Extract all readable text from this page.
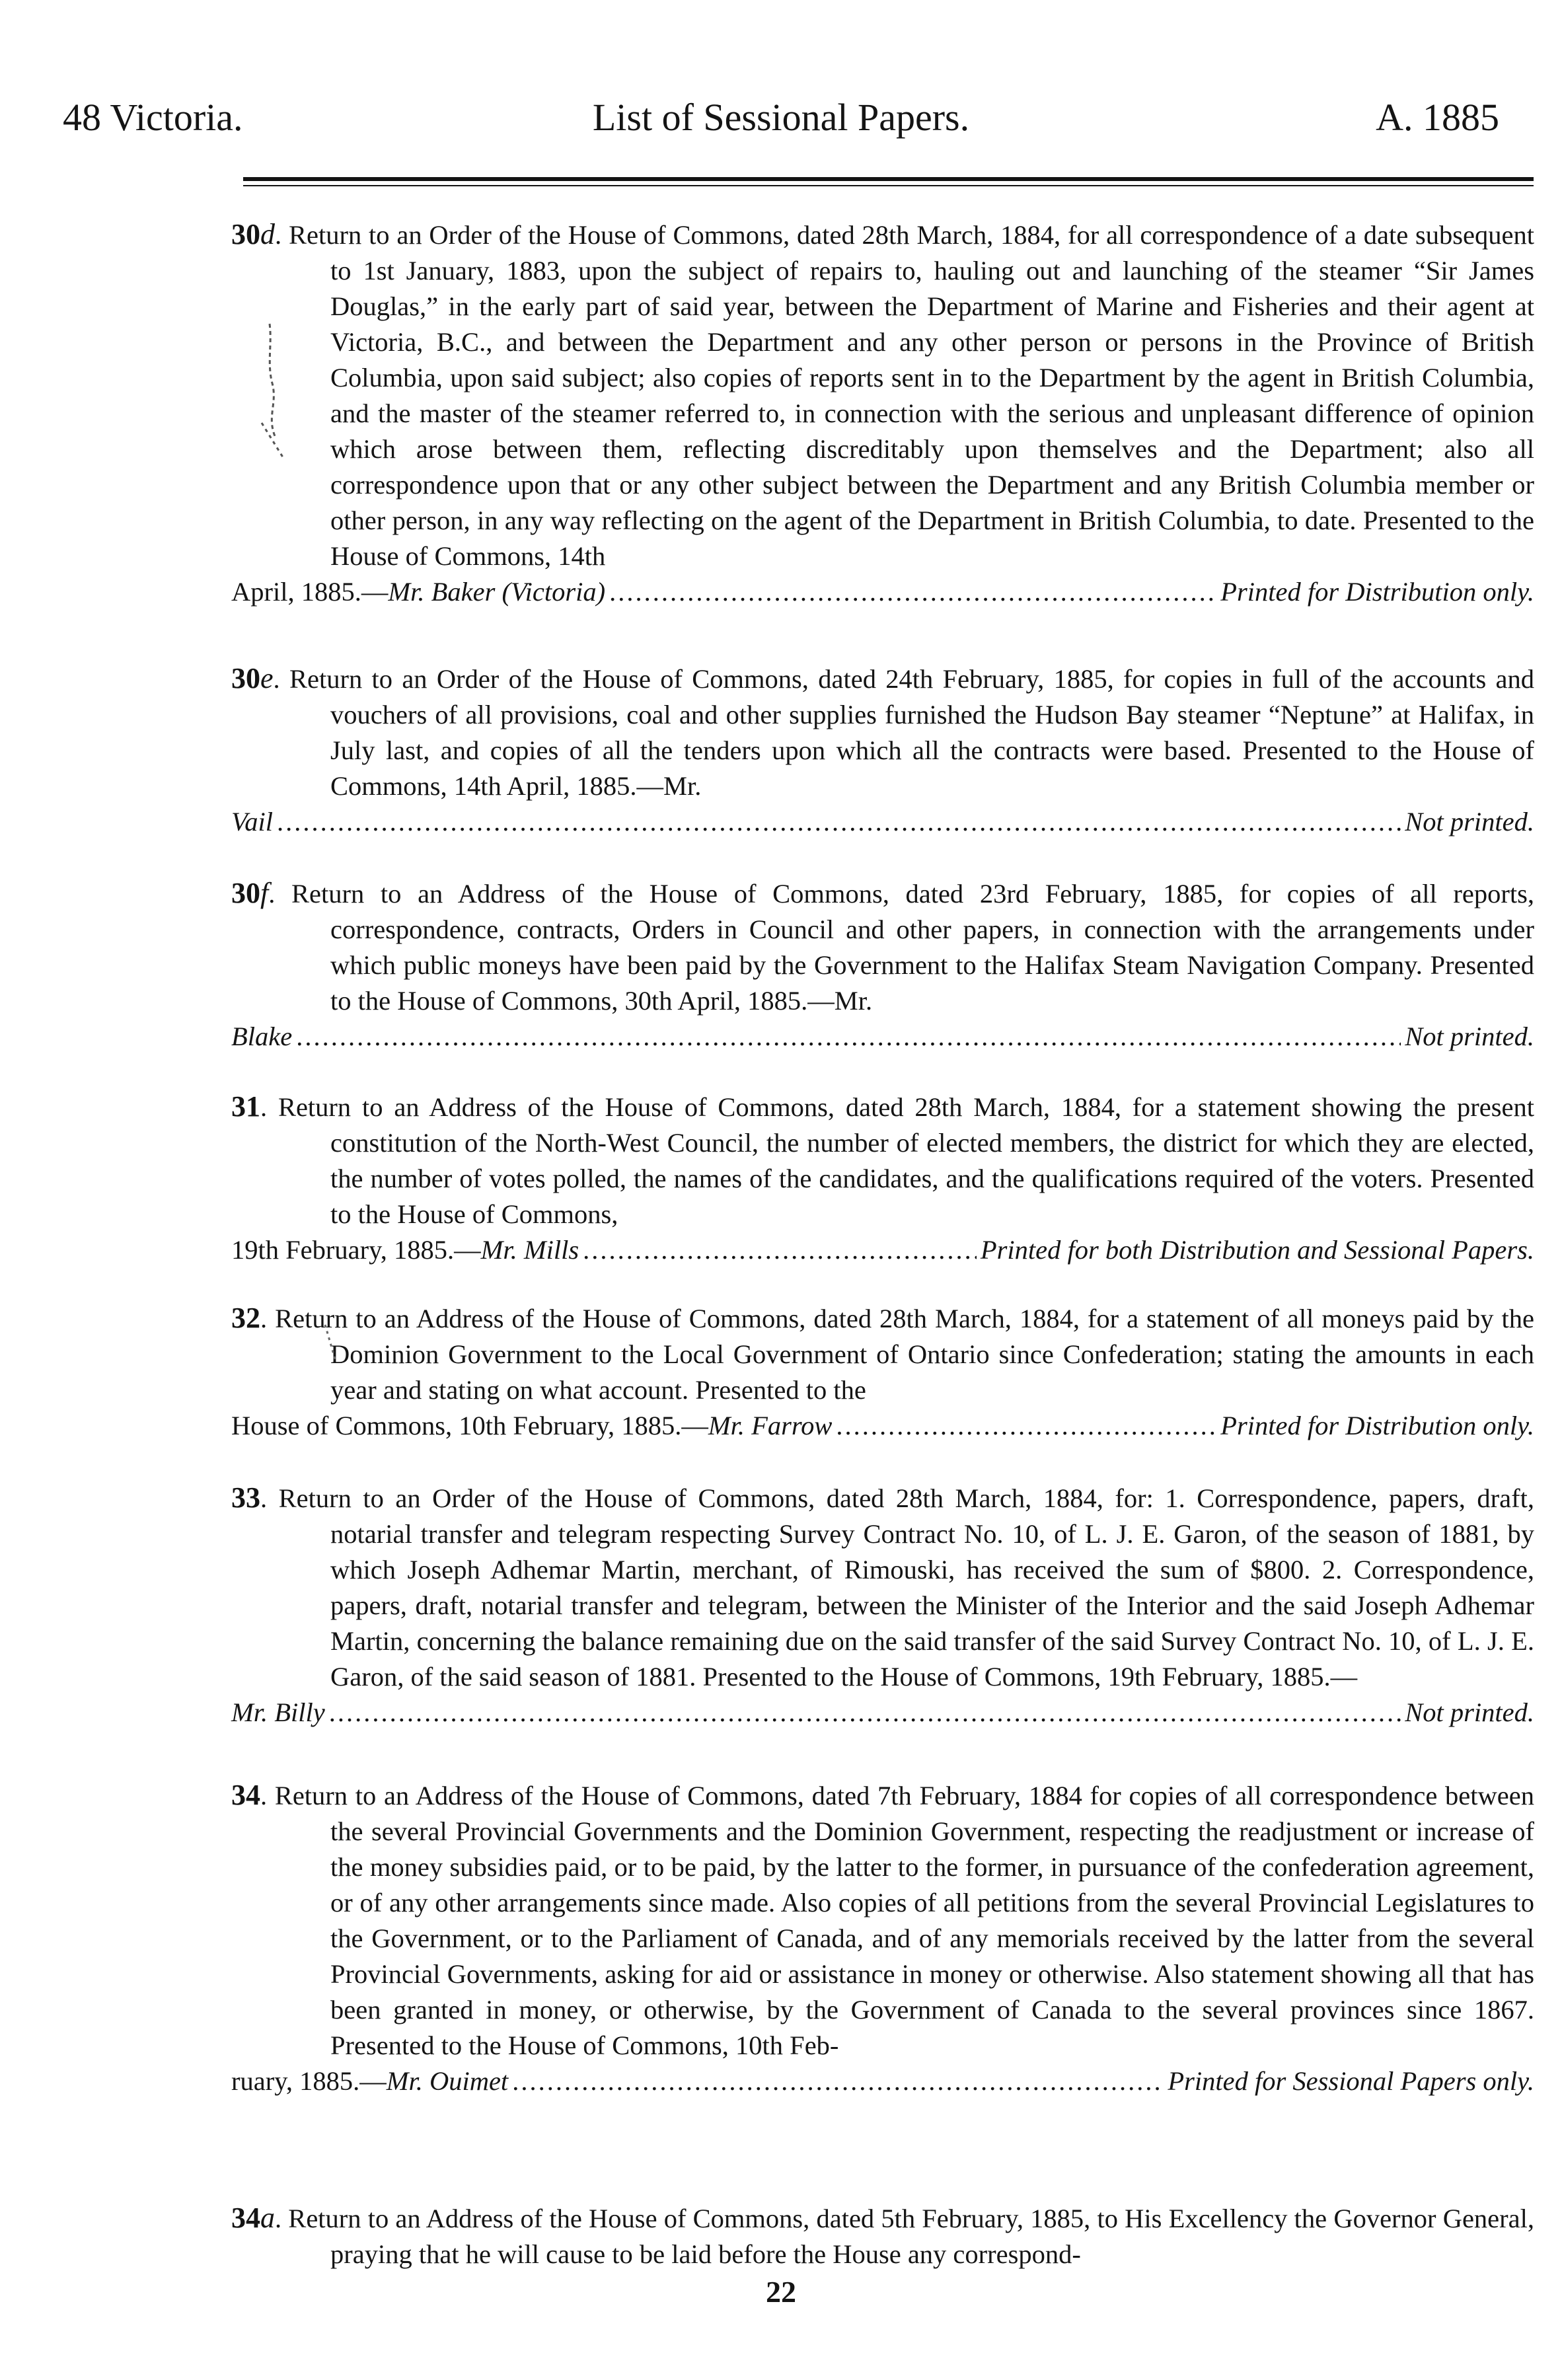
48 Victoria.	List of Sessional Papers.	A. 1885
30d. Return to an Order of the House of Commons, dated 28th March, 1884, for all correspondence of a date subsequent to 1st January, 1883, upon the subject of repairs to, hauling out and launching of the steamer “Sir James Douglas,” in the early part of said year, between the Department of Marine and Fisheries and their agent at Victoria, B.C., and between the Department and any other person or persons in the Province of British Columbia, upon said subject; also copies of reports sent in to the Department by the agent in British Columbia, and the master of the steamer referred to, in connection with the serious and unpleasant difference of opinion which arose between them, reflecting discreditably upon themselves and the Department; also all correspondence upon that or any other subject between the Department and any British Columbia member or other person, in any way reflecting on the agent of the Department in British Columbia, to date. Presented to the House of Commons, 14th
April, 1885.—Mr. Baker (Victoria) .....	Printed for Distribution only.
30e. Return to an Order of the House of Commons, dated 24th February, 1885, for copies in full of the accounts and vouchers of all provisions, coal and other supplies furnished the Hudson Bay steamer “Neptune” at Halifax, in July last, and copies of all the tenders upon which all the contracts were based. Presented to the House of Commons, 14th April, 1885.—Mr.
Vail .....	Not printed.
30f. Return to an Address of the House of Commons, dated 23rd February, 1885, for copies of all reports, correspondence, contracts, Orders in Council and other papers, in connection with the arrangements under which public moneys have been paid by the Government to the Halifax Steam Navigation Company. Presented to the House of Commons, 30th April, 1885.—Mr.
Blake .....	Not printed.
31. Return to an Address of the House of Commons, dated 28th March, 1884, for a statement showing the present constitution of the North-West Council, the number of elected members, the district for which they are elected, the number of votes polled, the names of the candidates, and the qualifications required of the voters. Presented to the House of Commons,
19th February, 1885.—Mr. Mills .....	Printed for both Distribution and Sessional Papers.
32. Return to an Address of the House of Commons, dated 28th March, 1884, for a statement of all moneys paid by the Dominion Government to the Local Government of Ontario since Confederation; stating the amounts in each year and stating on what account. Presented to the
House of Commons, 10th February, 1885.—Mr. Farrow .....	Printed for Distribution only.
33. Return to an Order of the House of Commons, dated 28th March, 1884, for: 1. Correspondence, papers, draft, notarial transfer and telegram respecting Survey Contract No. 10, of L. J. E. Garon, of the season of 1881, by which Joseph Adhemar Martin, merchant, of Rimouski, has received the sum of $800. 2. Correspondence, papers, draft, notarial transfer and telegram, between the Minister of the Interior and the said Joseph Adhemar Martin, concerning the balance remaining due on the said transfer of the said Survey Contract No. 10, of L. J. E. Garon, of the said season of 1881. Presented to the House of Commons, 19th February, 1885.—
Mr. Billy .....	Not printed.
34. Return to an Address of the House of Commons, dated 7th February, 1884 for copies of all correspondence between the several Provincial Governments and the Dominion Government, respecting the readjustment or increase of the money subsidies paid, or to be paid, by the latter to the former, in pursuance of the confederation agreement, or of any other arrangements since made. Also copies of all petitions from the several Provincial Legislatures to the Government, or to the Parliament of Canada, and of any memorials received by the latter from the several Provincial Governments, asking for aid or assistance in money or otherwise. Also statement showing all that has been granted in money, or otherwise, by the Government of Canada to the several provinces since 1867. Presented to the House of Commons, 10th Feb-
ruary, 1885.—Mr. Ouimet .....	Printed for Sessional Papers only.
34a. Return to an Address of the House of Commons, dated 5th February, 1885, to His Excellency the Governor General, praying that he will cause to be laid before the House any correspond-
22
